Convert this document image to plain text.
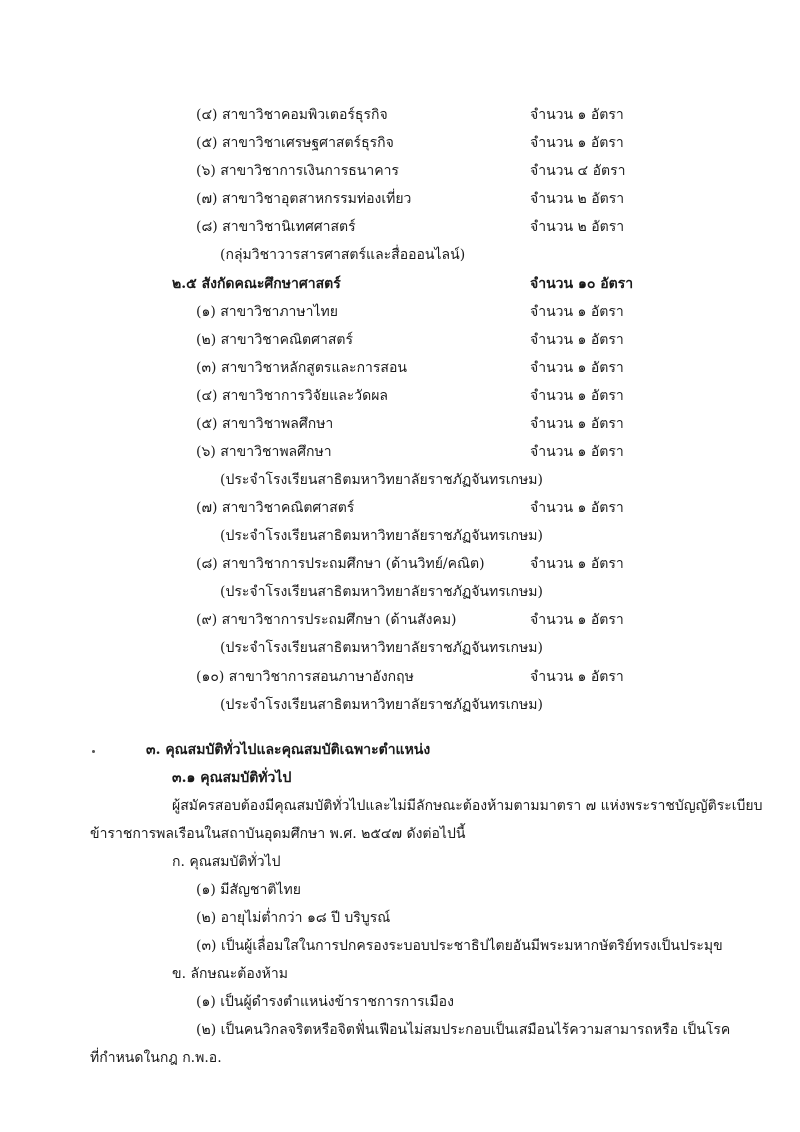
(๔) สาขาวิชาคอมพิวเตอร์ธุรกิจ	จำนวน ๑ อัตรา
(๕) สาขาวิชาเศรษฐศาสตร์ธุรกิจ	จำนวน ๑ อัตรา
(๖) สาขาวิชาการเงินการธนาคาร	จำนวน ๔ อัตรา
(๗) สาขาวิชาอุตสาหกรรมท่องเที่ยว	จำนวน ๒ อัตรา
(๘) สาขาวิชานิเทศศาสตร์	จำนวน ๒ อัตรา
(กลุ่มวิชาวารสารศาสตร์และสื่อออนไลน์)
๒.๕ สังกัดคณะศึกษาศาสตร์	จำนวน ๑๐ อัตรา
(๑) สาขาวิชาภาษาไทย	จำนวน ๑ อัตรา
(๒) สาขาวิชาคณิตศาสตร์	จำนวน ๑ อัตรา
(๓) สาขาวิชาหลักสูตรและการสอน	จำนวน ๑ อัตรา
(๔) สาขาวิชาการวิจัยและวัดผล	จำนวน ๑ อัตรา
(๕) สาขาวิชาพลศึกษา	จำนวน ๑ อัตรา
(๖) สาขาวิชาพลศึกษา	จำนวน ๑ อัตรา
(ประจำโรงเรียนสาธิตมหาวิทยาลัยราชภัฏจันทรเกษม)
(๗) สาขาวิชาคณิตศาสตร์	จำนวน ๑ อัตรา
(ประจำโรงเรียนสาธิตมหาวิทยาลัยราชภัฏจันทรเกษม)
(๘) สาขาวิชาการประถมศึกษา (ด้านวิทย์/คณิต)	จำนวน ๑ อัตรา
(ประจำโรงเรียนสาธิตมหาวิทยาลัยราชภัฏจันทรเกษม)
(๙) สาขาวิชาการประถมศึกษา (ด้านสังคม)	จำนวน ๑ อัตรา
(ประจำโรงเรียนสาธิตมหาวิทยาลัยราชภัฏจันทรเกษม)
(๑๐) สาขาวิชาการสอนภาษาอังกฤษ	จำนวน ๑ อัตรา
(ประจำโรงเรียนสาธิตมหาวิทยาลัยราชภัฏจันทรเกษม)
๓. คุณสมบัติทั่วไปและคุณสมบัติเฉพาะตำแหน่ง
๓.๑ คุณสมบัติทั่วไป
ผู้สมัครสอบต้องมีคุณสมบัติทั่วไปและไม่มีลักษณะต้องห้ามตามมาตรา ๗ แห่งพระราชบัญญัติระเบียบ
ข้าราชการพลเรือนในสถาบันอุดมศึกษา พ.ศ. ๒๕๔๗ ดังต่อไปนี้
ก. คุณสมบัติทั่วไป
(๑) มีสัญชาติไทย
(๒) อายุไม่ต่ำกว่า ๑๘ ปี บริบูรณ์
(๓) เป็นผู้เลื่อมใสในการปกครองระบอบประชาธิปไตยอันมีพระมหากษัตริย์ทรงเป็นประมุข
ข. ลักษณะต้องห้าม
(๑) เป็นผู้ดำรงตำแหน่งข้าราชการการเมือง
(๒) เป็นคนวิกลจริตหรือจิตฟั่นเฟือนไม่สมประกอบเป็นเสมือนไร้ความสามารถหรือ เป็นโรค
ที่กำหนดในกฎ ก.พ.อ.
